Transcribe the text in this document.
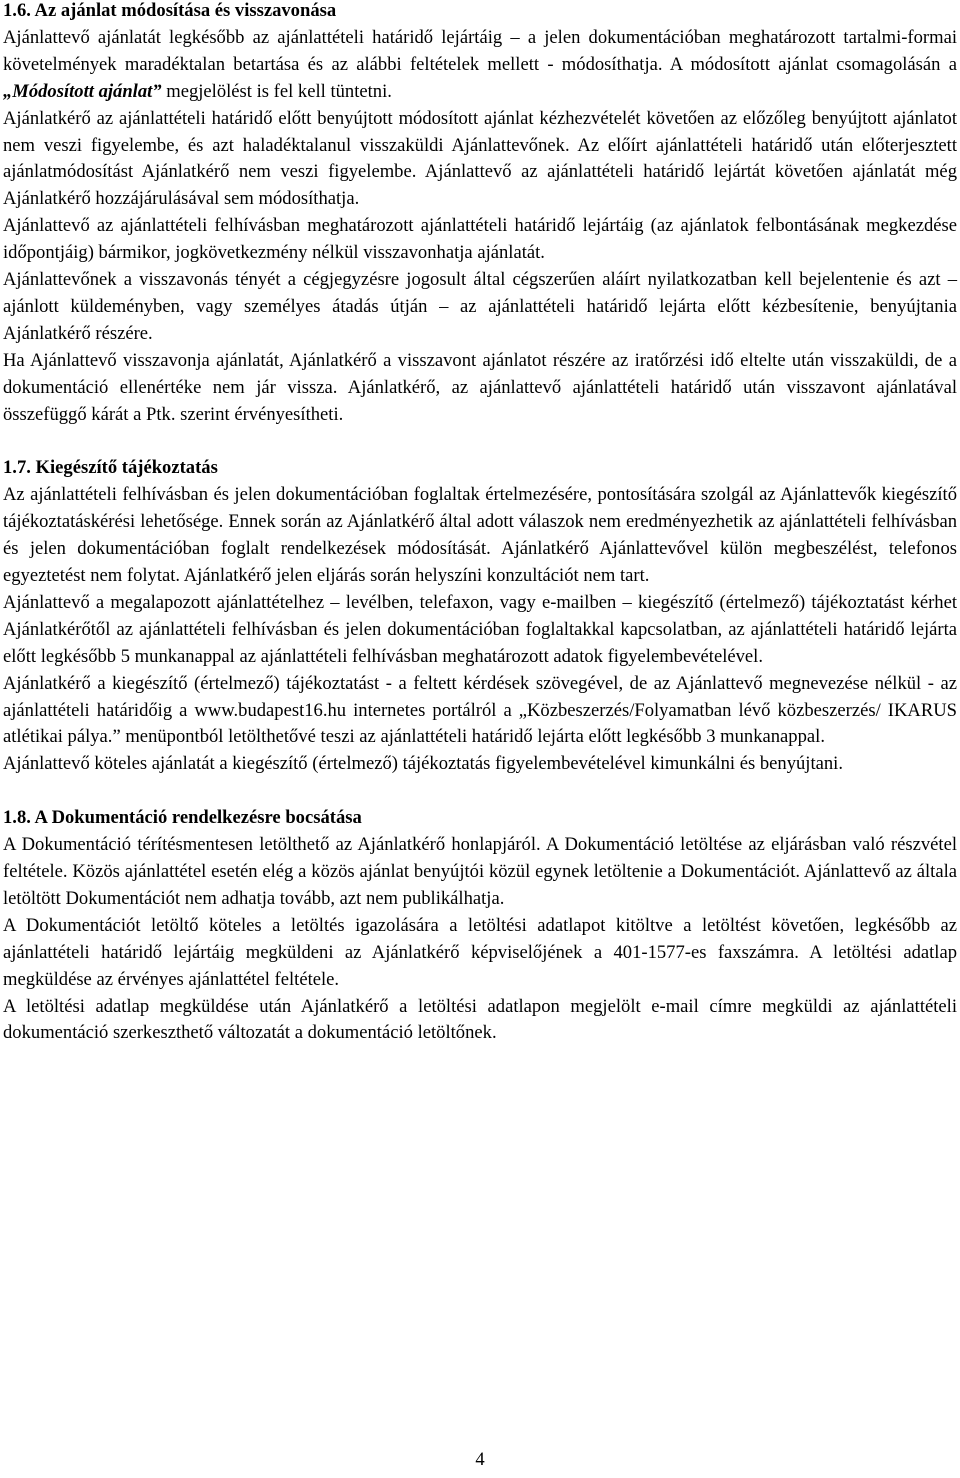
1.6. Az ajánlat módosítása és visszavonása

Ajánlattevő ajánlatát legkésőbb az ajánlattételi határidő lejártáig – a jelen dokumentációban meghatározott tartalmi-formai követelmények maradéktalan betartása és az alábbi feltételek mellett - módosíthatja. A módosított ajánlat csomagolásán a „Módosított ajánlat” megjelölést is fel kell tüntetni.

Ajánlatkérő az ajánlattételi határidő előtt benyújtott módosított ajánlat kézhezvételét követően az előzőleg benyújtott ajánlatot nem veszi figyelembe, és azt haladéktalanul visszaküldi Ajánlattevőnek. Az előírt ajánlattételi határidő után előterjesztett ajánlatmódosítást Ajánlatkérő nem veszi figyelembe. Ajánlattevő az ajánlattételi határidő lejártát követően ajánlatát még Ajánlatkérő hozzájárulásával sem módosíthatja.

Ajánlattevő az ajánlattételi felhívásban meghatározott ajánlattételi határidő lejártáig (az ajánlatok felbontásának megkezdése időpontjáig) bármikor, jogkövetkezmény nélkül visszavonhatja ajánlatát.

Ajánlattevőnek a visszavonás tényét a cégjegyzésre jogosult által cégszerűen aláírt nyilatkozatban kell bejelentenie és azt – ajánlott küldeményben, vagy személyes átadás útján – az ajánlattételi határidő lejárta előtt kézbesítenie, benyújtania Ajánlatkérő részére.

Ha Ajánlattevő visszavonja ajánlatát, Ajánlatkérő a visszavont ajánlatot részére az iratőrzési idő eltelte után visszaküldi, de a dokumentáció ellenértéke nem jár vissza. Ajánlatkérő, az ajánlattevő ajánlattételi határidő után visszavont ajánlatával összefüggő kárát a Ptk. szerint érvényesítheti.

1.7. Kiegészítő tájékoztatás

Az ajánlattételi felhívásban és jelen dokumentációban foglaltak értelmezésére, pontosítására szolgál az Ajánlattevők kiegészítő tájékoztatáskérési lehetősége. Ennek során az Ajánlatkérő által adott válaszok nem eredményezhetik az ajánlattételi felhívásban és jelen dokumentációban foglalt rendelkezések módosítását. Ajánlatkérő Ajánlattevővel külön megbeszélést, telefonos egyeztetést nem folytat. Ajánlatkérő jelen eljárás során helyszíni konzultációt nem tart.

Ajánlattevő a megalapozott ajánlattételhez – levélben, telefaxon, vagy e-mailben – kiegészítő (értelmező) tájékoztatást kérhet Ajánlatkérőtől az ajánlattételi felhívásban és jelen dokumentációban foglaltakkal kapcsolatban, az ajánlattételi határidő lejárta előtt legkésőbb 5 munkanappal az ajánlattételi felhívásban meghatározott adatok figyelembevételével.

Ajánlatkérő a kiegészítő (értelmező) tájékoztatást - a feltett kérdések szövegével, de az Ajánlattevő megnevezése nélkül - az ajánlattételi határidőig a www.budapest16.hu internetes portálról a „Közbeszerzés/Folyamatban lévő közbeszerzés/ IKARUS atlétikai pálya.” menüpontból letölthetővé teszi az ajánlattételi határidő lejárta előtt legkésőbb 3 munkanappal.

Ajánlattevő köteles ajánlatát a kiegészítő (értelmező) tájékoztatás figyelembevételével kimunkálni és benyújtani.

1.8. A Dokumentáció rendelkezésre bocsátása

A Dokumentáció térítésmentesen letölthető az Ajánlatkérő honlapjáról. A Dokumentáció letöltése az eljárásban való részvétel feltétele. Közös ajánlattétel esetén elég a közös ajánlat benyújtói közül egynek letöltenie a Dokumentációt. Ajánlattevő az általa letöltött Dokumentációt nem adhatja tovább, azt nem publikálhatja.

A Dokumentációt letöltő köteles a letöltés igazolására a letöltési adatlapot kitöltve a letöltést követően, legkésőbb az ajánlattételi határidő lejártáig megküldeni az Ajánlatkérő képviselőjének a 401-1577-es faxszámra. A letöltési adatlap megküldése az érvényes ajánlattétel feltétele.

A letöltési adatlap megküldése után Ajánlatkérő a letöltési adatlapon megjelölt e-mail címre megküldi az ajánlattételi dokumentáció szerkeszthető változatát a dokumentáció letöltőnek.

4
